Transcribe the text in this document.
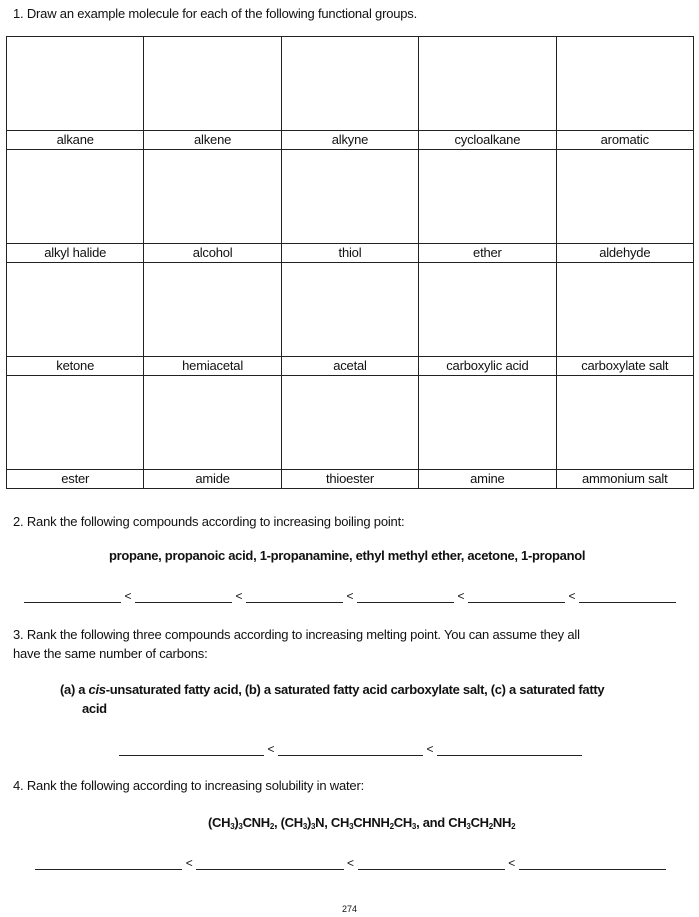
1. Draw an example molecule for each of the following functional groups.

alkane	alkene	alkyne	cycloalkane	aromatic

alkyl halide	alcohol	thiol	ether	aldehyde

ketone	hemiacetal	acetal	carboxylic acid	carboxylate salt

ester	amide	thioester	amine	ammonium salt
2. Rank the following compounds according to increasing boiling point:
propane, propanoic acid, 1-propanamine, ethyl methyl ether, acetone, 1-propanol
<	<	<	<	<
3. Rank the following three compounds according to increasing melting point. You can assume they all
have the same number of carbons:
(a) a cis-unsaturated fatty acid, (b) a saturated fatty acid carboxylate salt, (c) a saturated fatty
acid
<	<
4. Rank the following according to increasing solubility in water:
$(CH_3)_3CNH_2$, $(CH_3)_3N$, $CH_3CHNH_2CH_3$, and $CH_3CH_2NH_2$
<	<	<
274
